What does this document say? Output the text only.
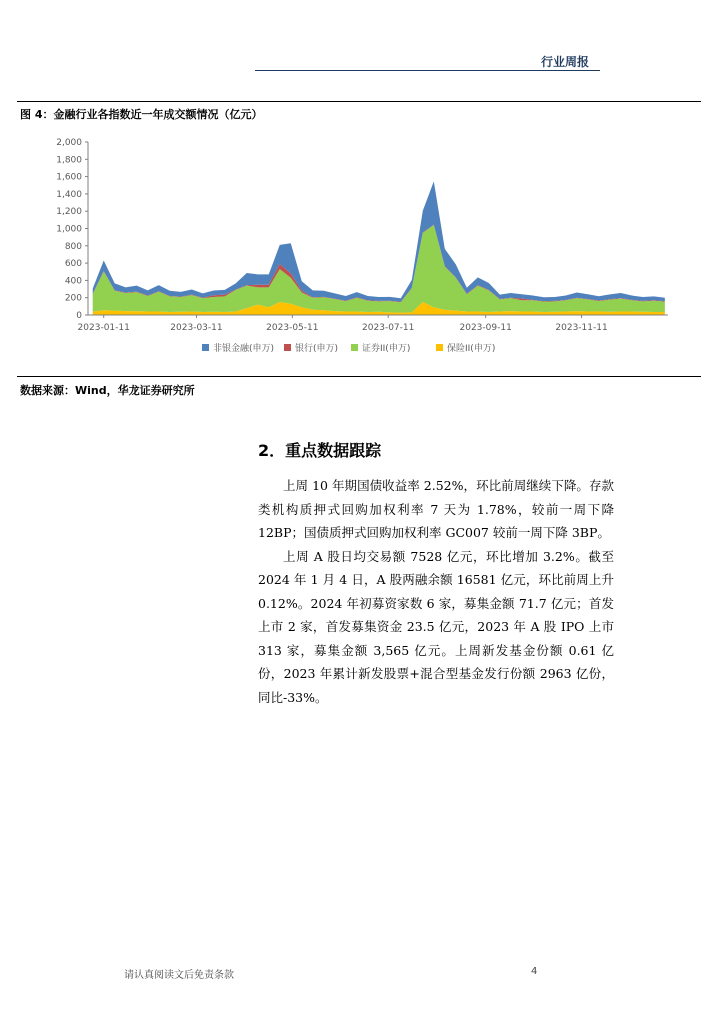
行业周报
图 4：金融行业各指数近一年成交额情况（亿元）
0
200
400
600
800
1,000
1,200
1,400
1,600
1,800
2,000
2023-01-11	2023-03-11	2023-05-11	2023-07-11	2023-09-11	2023-11-11
非银金融(申万) 银行(申万)	证券II(申万)	保险II(申万)
数据来源：Wind，华龙证券研究所
2．重点数据跟踪

上周 10 年期国债收益率 2.52%，环比前周继续下降。存款类机构质押式回购加权利率 7 天为 1.78%，较前一周下降 12BP；国债质押式回购加权利率 GC007 较前一周下降 3BP。

上周 A 股日均交易额 7528 亿元，环比增加 3.2%。截至 2024 年 1 月 4 日，A 股两融余额 16581 亿元，环比前周上升 0.12%。2024 年初募资家数 6 家，募集金额 71.7 亿元；首发上市 2 家，首发募集资金 23.5 亿元，2023 年 A 股 IPO 上市 313 家，募集金额 3,565 亿元。上周新发基金份额 0.61 亿份，2023 年累计新发股票+混合型基金发行份额 2963 亿份，同比-33%。

请认真阅读文后免责条款	4
